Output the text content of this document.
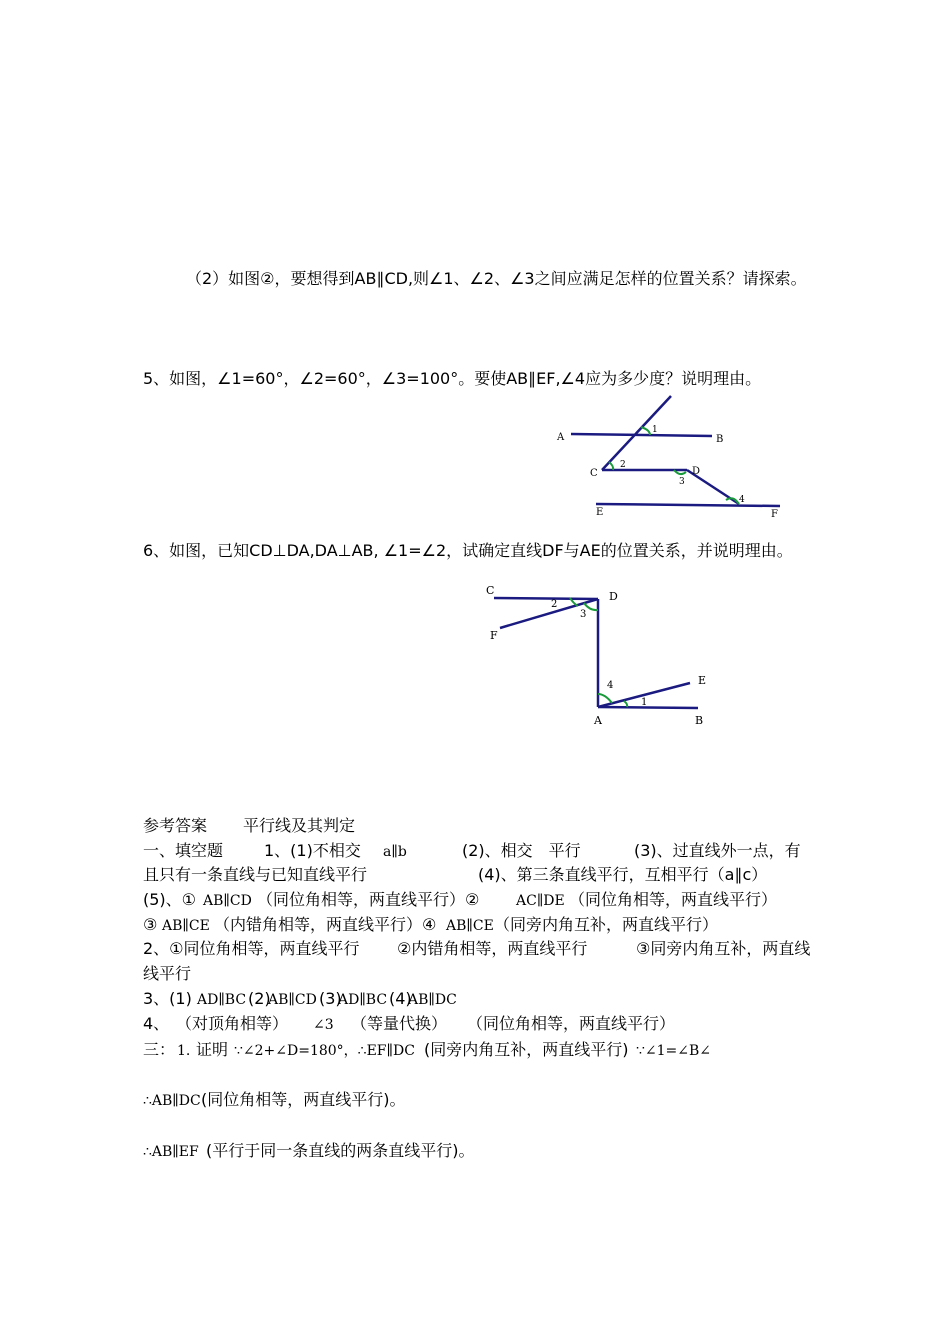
（2）如图②，要想得到AB∥CD,则∠1、∠2、∠3之间应满足怎样的位置关系？请探索。
5、如图，∠1=60°，∠2=60°，∠3=100°。要使AB∥EF,∠4应为多少度？说明理由。
A	B
C	D
E	F
1
2
3
4
C	D
F
E
A	B
2
3
4
1
6、如图，已知CD⊥DA,DA⊥AB, ∠1=∠2，试确定直线DF与AE的位置关系，并说明理由。
参考答案 平行线及其判定
一、填空题	1、(1)不相交 a∥b	(2)、相交　平行	(3)、过直线外一点，有
且只有一条直线与已知直线平行	(4)、第三条直线平行，互相平行（a∥c）
(5)、① AB∥CD （同位角相等，两直线平行）②	AC∥DE （同位角相等，两直线平行）
③ AB∥CE （内错角相等，两直线平行）④ AB∥CE （同旁内角互补，两直线平行）
2、①同位角相等，两直线平行 ②内错角相等，两直线平行	③同旁内角互补，两直线
线平行
3、(1) AD∥BC (2)
AB∥CD (3)
AD∥BC (4)
AB∥DC
4、 （对顶角相等） ∠3 （等量代换） （同位角相等，两直线平行）
三： 1. 证明 ∵∠2+∠D=180°，∴EF∥DC (同旁内角互补，两直线平行) ∵∠1=∠B∠
∴AB∥DC (同位角相等，两直线平行)。
∴AB∥EF (平行于同一条直线的两条直线平行)。
